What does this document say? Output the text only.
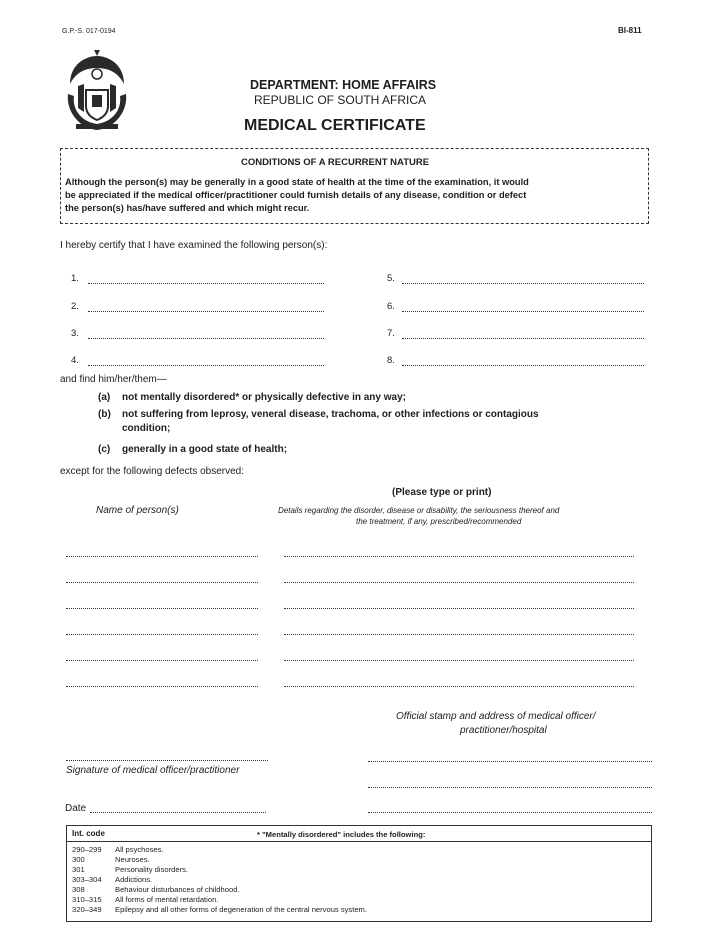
G.P.-S. 017-0194	BI-811
DEPARTMENT: HOME AFFAIRS
REPUBLIC OF SOUTH AFRICA
MEDICAL CERTIFICATE
CONDITIONS OF A RECURRENT NATURE
Although the person(s) may be generally in a good state of health at the time of the examination, it would
be appreciated if the medical officer/practitioner could furnish details of any disease, condition or defect
the person(s) has/have suffered and which might recur.
I hereby certify that I have examined the following person(s):
1.
2.
3.
4.
5.
6.
7.
8.
and find him/her/them—
(a) not mentally disordered* or physically defective in any way;
(b) not suffering from leprosy, veneral disease, trachoma, or other infections or contagious
condition;
(c) generally in a good state of health;
except for the following defects observed:
(Please type or print)
Name of person(s)	Details regarding the disorder, disease or disability, the seriousness thereof and
the treatment, if any, prescribed/recommended
Official stamp and address of medical officer/
practitioner/hospital
Signature of medical officer/practitioner
Date
Int. code	* "Mentally disordered" includes the following:
290–299 All psychoses.
300	Neuroses.
301	Personality disorders.
303–304 Addictions.
308	Behaviour disturbances of childhood.
310–315 All forms of mental retardation.
320–349 Epilepsy and all other forms of degeneration of the central nervous system.
